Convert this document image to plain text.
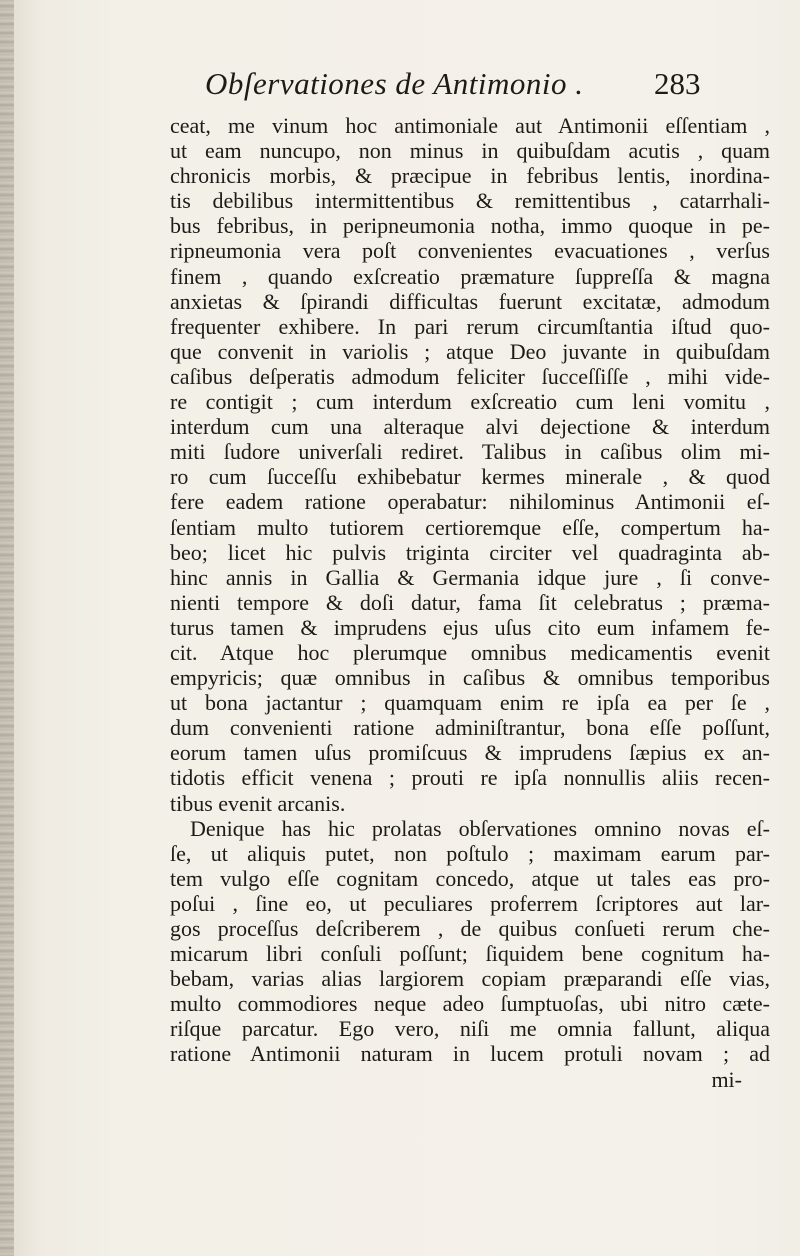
Obſervationes de Antimonio . 283
ceat, me vinum hoc antimoniale aut Antimonii eſſentiam ,
ut eam nuncupo, non minus in quibuſdam acutis , quam
chronicis morbis, & præcipue in febribus lentis, inordina-
tis debilibus intermittentibus & remittentibus , catarrhali-
bus febribus, in peripneumonia notha, immo quoque in pe-
ripneumonia vera poſt convenientes evacuationes , verſus
finem , quando exſcreatio præmature ſuppreſſa & magna
anxietas & ſpirandi difficultas fuerunt excitatæ, admodum
frequenter exhibere. In pari rerum circumſtantia iſtud quo-
que convenit in variolis ; atque Deo juvante in quibuſdam
caſibus deſperatis admodum feliciter ſucceſſiſſe , mihi vide-
re contigit ; cum interdum exſcreatio cum leni vomitu ,
interdum cum una alteraque alvi dejectione & interdum
miti ſudore univerſali rediret. Talibus in caſibus olim mi-
ro cum ſucceſſu exhibebatur kermes minerale , & quod
fere eadem ratione operabatur: nihilominus Antimonii eſ-
ſentiam multo tutiorem certioremque eſſe, compertum ha-
beo; licet hic pulvis triginta circiter vel quadraginta ab-
hinc annis in Gallia & Germania idque jure , ſi conve-
nienti tempore & doſi datur, fama ſit celebratus ; præma-
turus tamen & imprudens ejus uſus cito eum infamem fe-
cit. Atque hoc plerumque omnibus medicamentis evenit
empyricis; quæ omnibus in caſibus & omnibus temporibus
ut bona jactantur ; quamquam enim re ipſa ea per ſe ,
dum convenienti ratione adminiſtrantur, bona eſſe poſſunt,
eorum tamen uſus promiſcuus & imprudens ſæpius ex an-
tidotis efficit venena ; prouti re ipſa nonnullis aliis recen-
tibus evenit arcanis.
Denique has hic prolatas obſervationes omnino novas eſ-
ſe, ut aliquis putet, non poſtulo ; maximam earum par-
tem vulgo eſſe cognitam concedo, atque ut tales eas pro-
poſui , ſine eo, ut peculiares proferrem ſcriptores aut lar-
gos proceſſus deſcriberem , de quibus conſueti rerum che-
micarum libri conſuli poſſunt; ſiquidem bene cognitum ha-
bebam, varias alias largiorem copiam præparandi eſſe vias,
multo commodiores neque adeo ſumptuoſas, ubi nitro cæte-
riſque parcatur. Ego vero, niſi me omnia fallunt, aliqua
ratione Antimonii naturam in lucem protuli novam ; ad
mi-
